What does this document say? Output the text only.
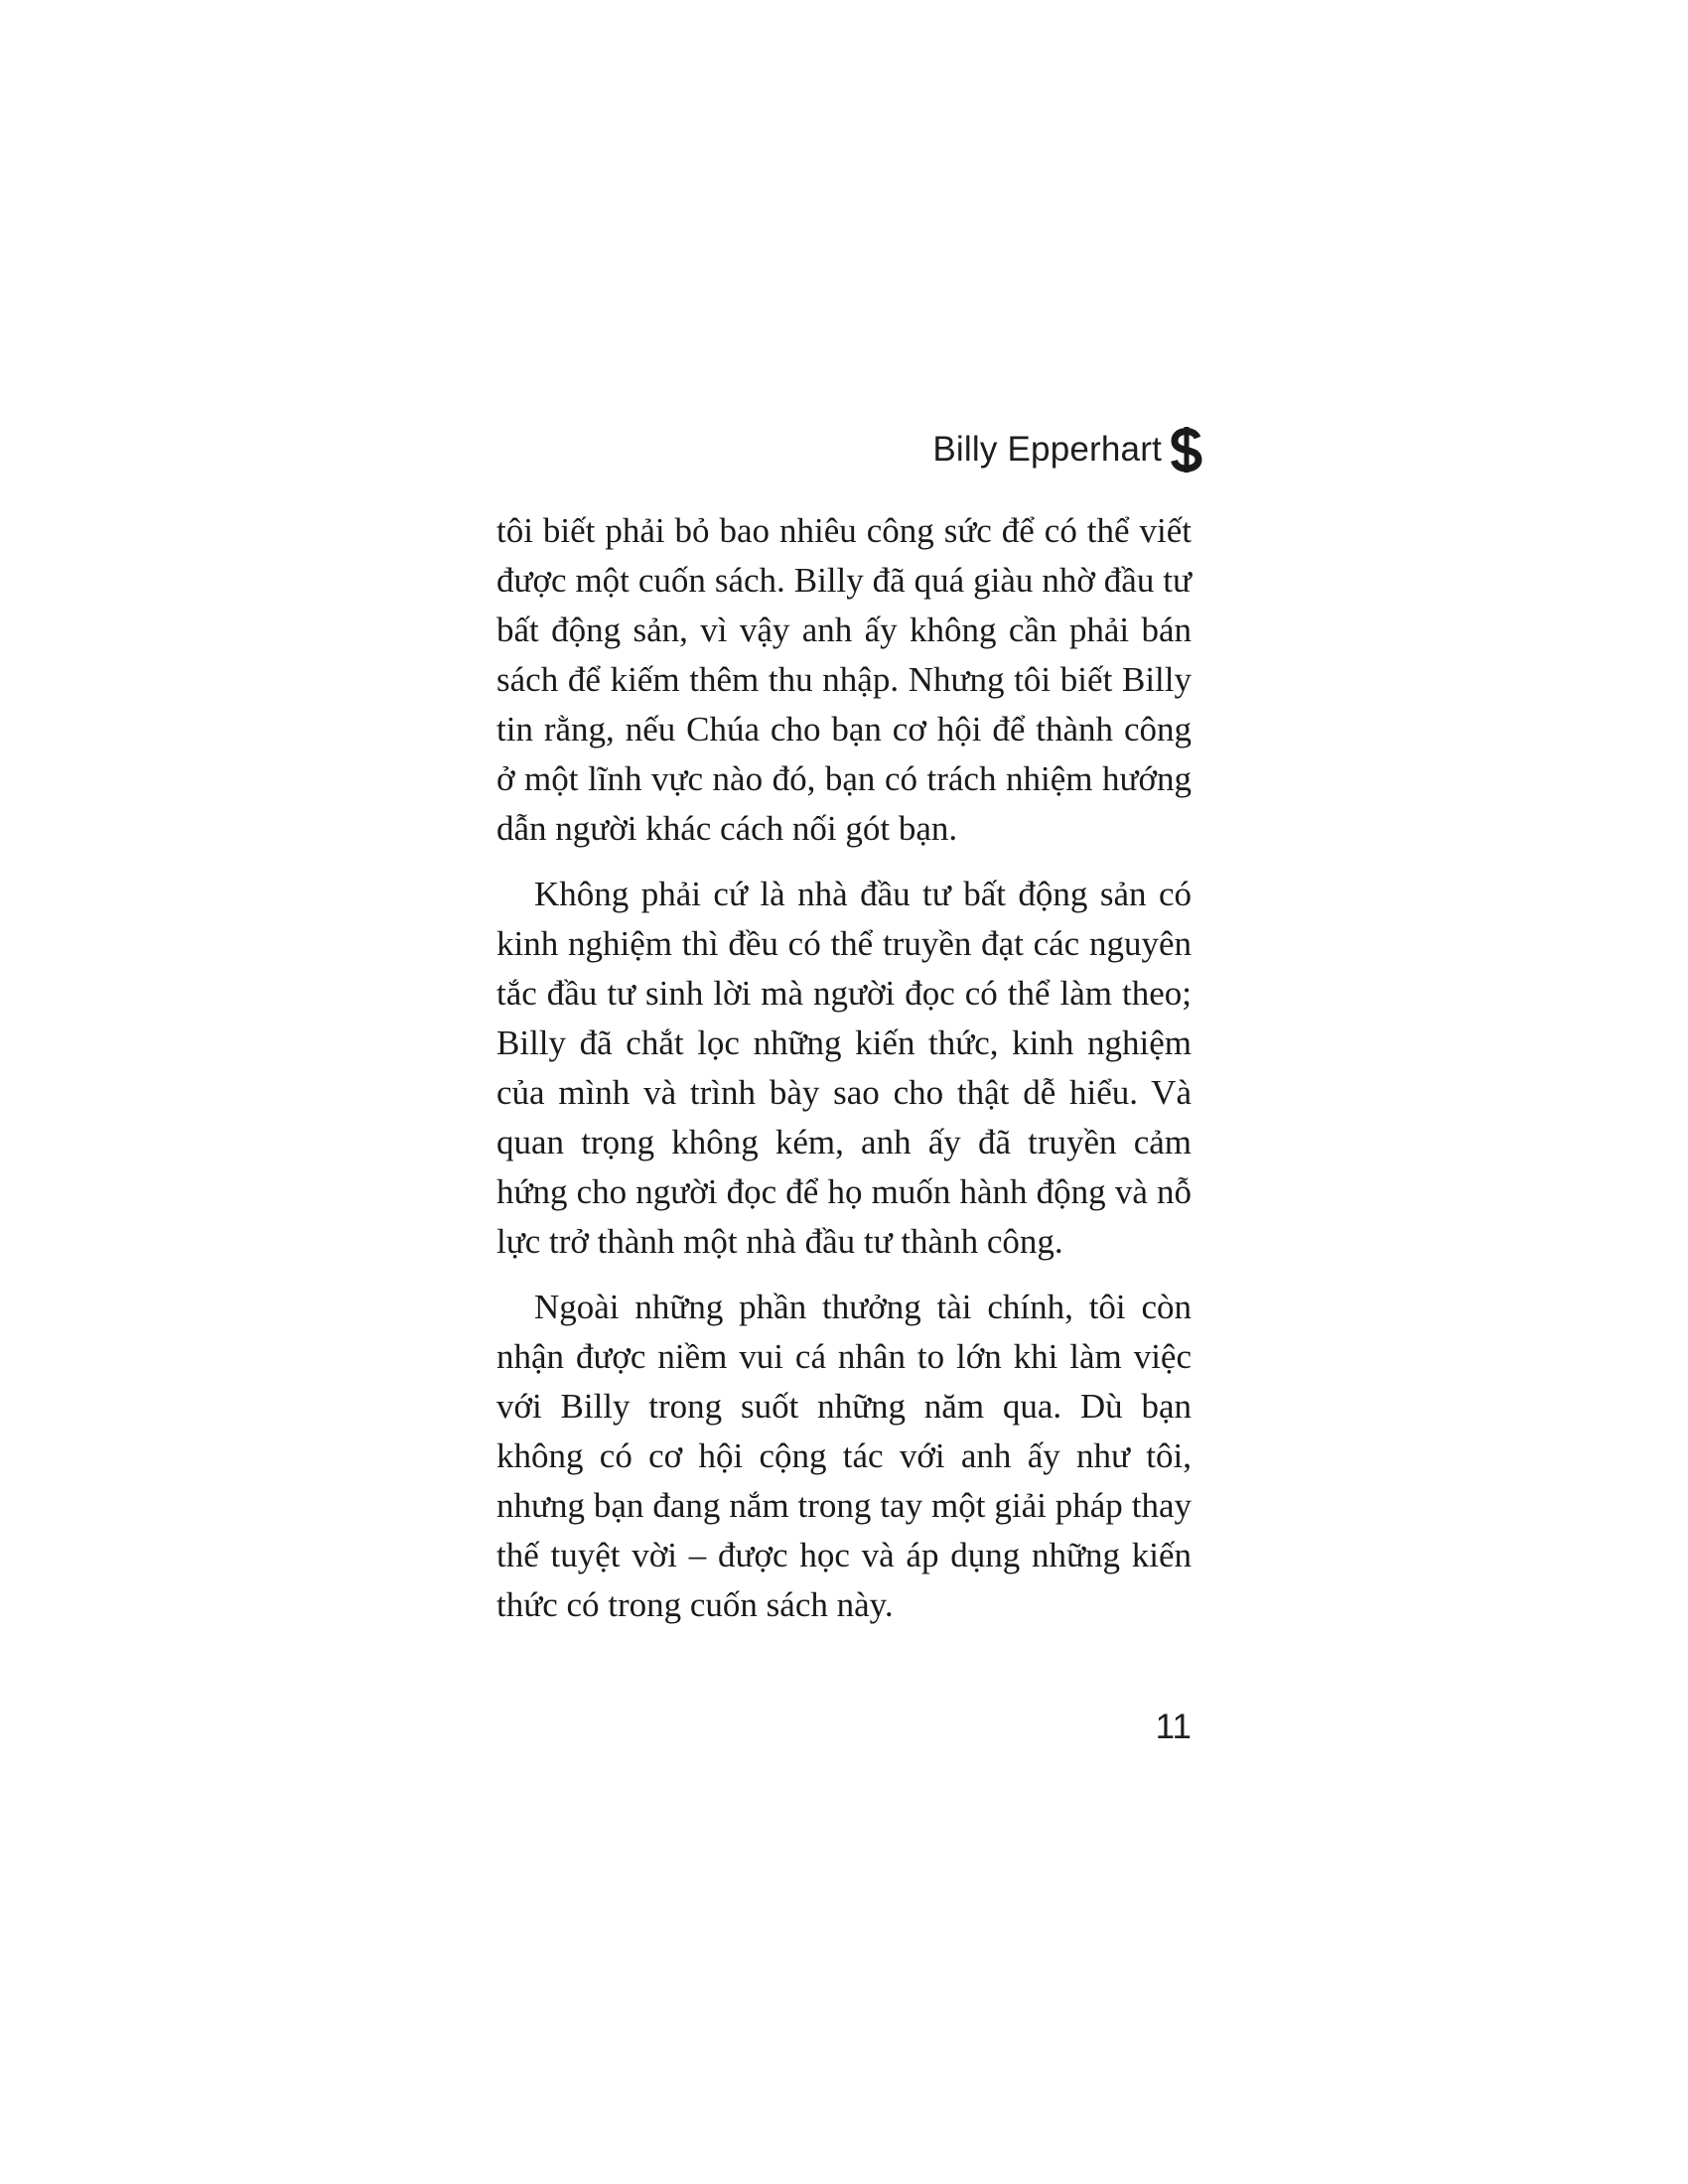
Billy Epperhart

tôi biết phải bỏ bao nhiêu công sức để có thể viết được một cuốn sách. Billy đã quá giàu nhờ đầu tư bất động sản, vì vậy anh ấy không cần phải bán sách để kiếm thêm thu nhập. Nhưng tôi biết Billy tin rằng, nếu Chúa cho bạn cơ hội để thành công ở một lĩnh vực nào đó, bạn có trách nhiệm hướng dẫn người khác cách nối gót bạn.

Không phải cứ là nhà đầu tư bất động sản có kinh nghiệm thì đều có thể truyền đạt các nguyên tắc đầu tư sinh lời mà người đọc có thể làm theo; Billy đã chắt lọc những kiến thức, kinh nghiệm của mình và trình bày sao cho thật dễ hiểu. Và quan trọng không kém, anh ấy đã truyền cảm hứng cho người đọc để họ muốn hành động và nỗ lực trở thành một nhà đầu tư thành công.

Ngoài những phần thưởng tài chính, tôi còn nhận được niềm vui cá nhân to lớn khi làm việc với Billy trong suốt những năm qua. Dù bạn không có cơ hội cộng tác với anh ấy như tôi, nhưng bạn đang nắm trong tay một giải pháp thay thế tuyệt vời – được học và áp dụng những kiến thức có trong cuốn sách này.

11
